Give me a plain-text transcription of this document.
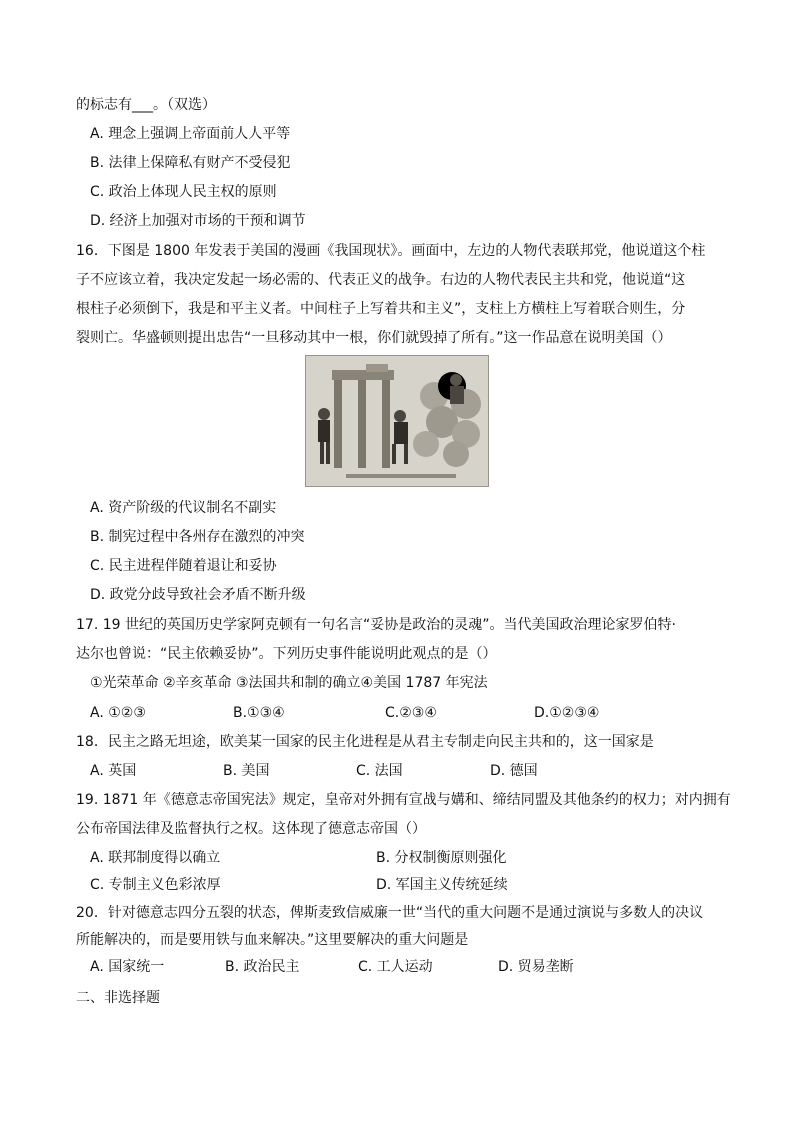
的标志有___。（双选）
A. 理念上强调上帝面前人人平等
B. 法律上保障私有财产不受侵犯
C. 政治上体现人民主权的原则
D. 经济上加强对市场的干预和调节
16．下图是 1800 年发表于美国的漫画《我国现状》。画面中，左边的人物代表联邦党，他说道这个柱
子不应该立着，我决定发起一场必需的、代表正义的战争。右边的人物代表民主共和党，他说道“这
根柱子必须倒下，我是和平主义者。中间柱子上写着共和主义”，支柱上方横柱上写着联合则生，分
裂则亡。华盛顿则提出忠告“一旦移动其中一根，你们就毁掉了所有。”这一作品意在说明美国（）
A. 资产阶级的代议制名不副实
B. 制宪过程中各州存在激烈的冲突
C. 民主进程伴随着退让和妥协
D. 政党分歧导致社会矛盾不断升级
17. 19 世纪的英国历史学家阿克顿有一句名言“妥协是政治的灵魂”。当代美国政治理论家罗伯特·
达尔也曾说：“民主依赖妥协”。下列历史事件能说明此观点的是（）
①光荣革命 ②辛亥革命 ③法国共和制的确立④美国 1787 年宪法
A. ①②③	B.①③④	C.②③④	D.①②③④
18．民主之路无坦途，欧美某一国家的民主化进程是从君主专制走向民主共和的，这一国家是
A. 英国	B. 美国	C. 法国	D. 德国
19. 1871 年《德意志帝国宪法》规定，皇帝对外拥有宣战与媾和、缔结同盟及其他条约的权力；对内拥有
公布帝国法律及监督执行之权。这体现了德意志帝国（）
A. 联邦制度得以确立	B. 分权制衡原则强化
C. 专制主义色彩浓厚	D. 军国主义传统延续
20．针对德意志四分五裂的状态，俾斯麦致信威廉一世“当代的重大问题不是通过演说与多数人的决议
所能解决的，而是要用铁与血来解决。”这里要解决的重大问题是
A. 国家统一	B. 政治民主	C. 工人运动	D. 贸易垄断
二、非选择题
